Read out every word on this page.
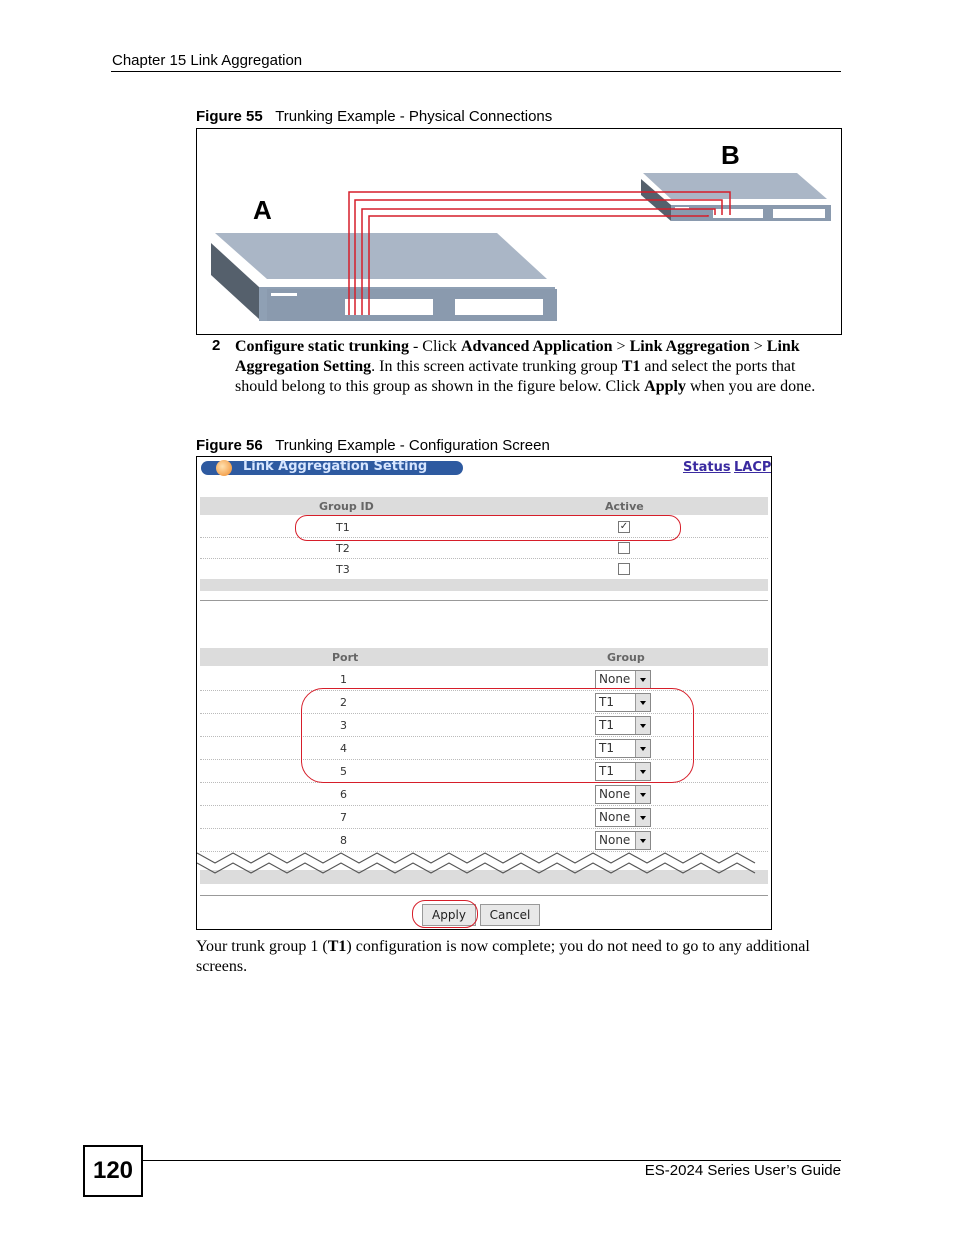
Chapter 15 Link Aggregation
Figure 55 Trunking Example - Physical Connections
A
B
2 Configure static trunking - Click Advanced Application > Link Aggregation > Link Aggregation Setting. In this screen activate trunking group T1 and select the ports that should belong to this group as shown in the figure below. Click Apply when you are done.
Figure 56 Trunking Example - Configuration Screen
Link Aggregation Setting	Status LACP
Group ID	Active
T1	✓
T2
T3
Port	Group
1	None
2	T1
3	T1
4	T1
5	T1
6	None
7	None
8	None
Apply	Cancel
Your trunk group 1 (T1) configuration is now complete; you do not need to go to any additional screens.
120	ES-2024 Series User’s Guide
